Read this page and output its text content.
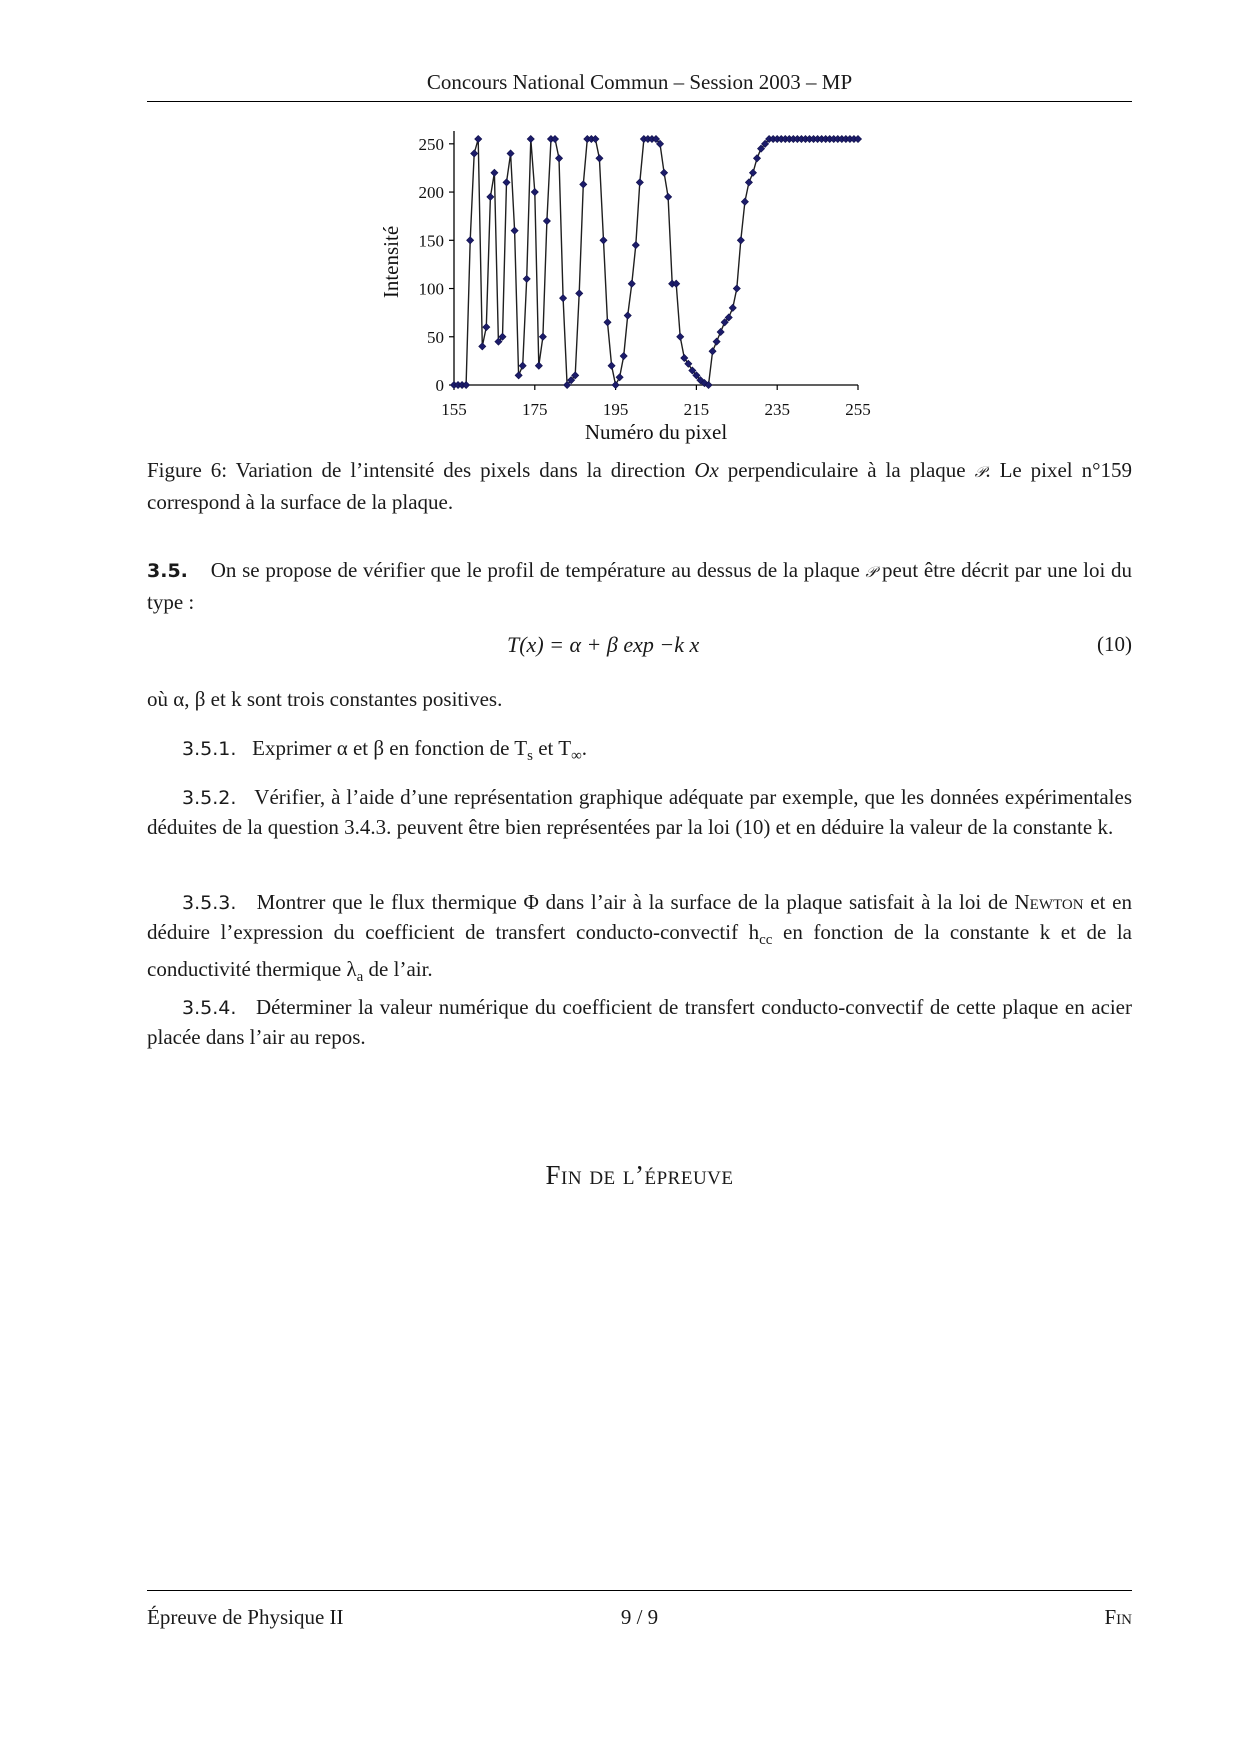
Concours National Commun – Session 2003 – MP
0
50
100
150
200
250
155	175	195	215	235	255
Numéro du pixel
Intensité
Figure 6: Variation de l’intensité des pixels dans la direction Ox perpendiculaire à la plaque 𝒫. Le pixel n°159 correspond à la surface de la plaque.
3.5. On se propose de vérifier que le profil de température au dessus de la plaque 𝒫 peut être décrit par une loi du type :
T(x) = α + β exp −k x	(10)
où α, β et k sont trois constantes positives.
3.5.1. Exprimer α et β en fonction de $T_s$ et $T_\infty$.
3.5.2. Vérifier, à l’aide d’une représentation graphique adéquate par exemple, que les données expérimentales déduites de la question 3.4.3. peuvent être bien représentées par la loi (10) et en déduire la valeur de la constante k.
3.5.3. Montrer que le flux thermique Φ dans l’air à la surface de la plaque satisfait à la loi de Newton et en déduire l’expression du coefficient de transfert conducto-convectif $h_{cc}$ en fonction de la constante k et de la conductivité thermique $\lambda_a$ de l’air.
3.5.4. Déterminer la valeur numérique du coefficient de transfert conducto-convectif de cette plaque en acier placée dans l’air au repos.
Fin de l’épreuve
Épreuve de Physique II	9 / 9	Fin
